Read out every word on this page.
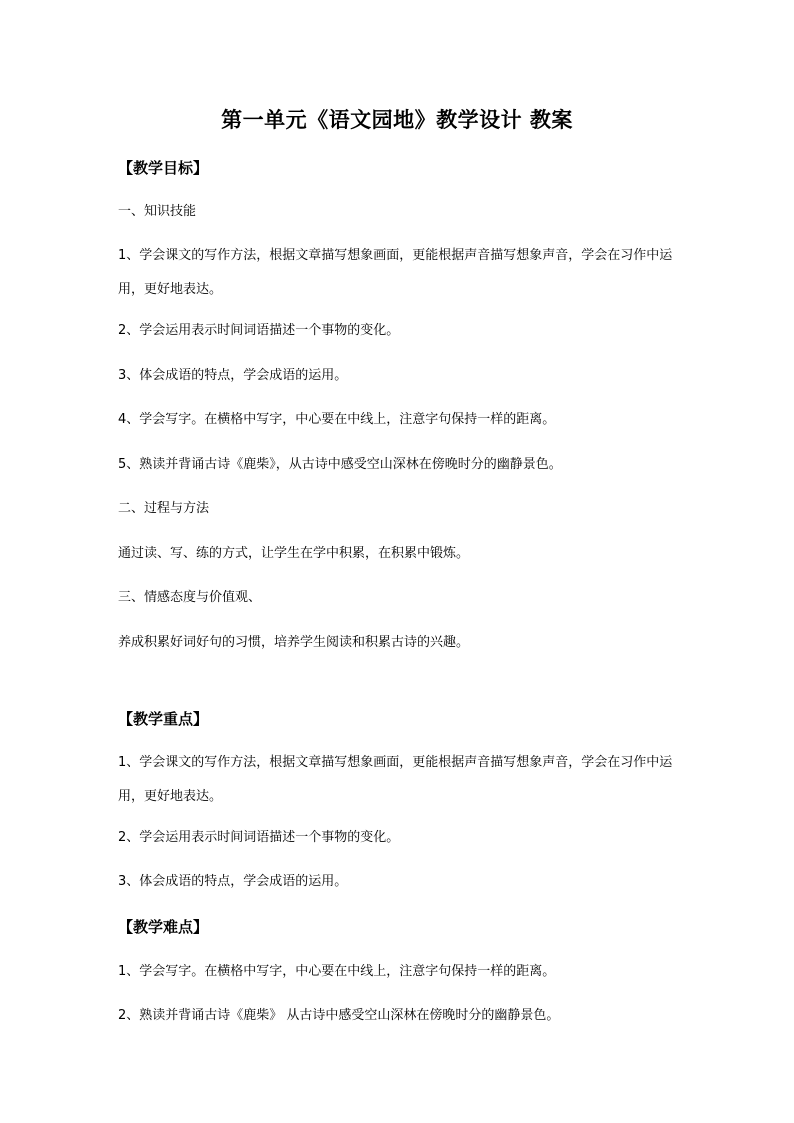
第一单元《语文园地》教学设计 教案
【教学目标】

一、知识技能

1、学会课文的写作方法，根据文章描写想象画面，更能根据声音描写想象声音，学会在习作中运用，更好地表达。

2、学会运用表示时间词语描述一个事物的变化。

3、体会成语的特点，学会成语的运用。

4、学会写字。在横格中写字，中心要在中线上，注意字句保持一样的距离。

5、熟读并背诵古诗《鹿柴》，从古诗中感受空山深林在傍晚时分的幽静景色。

二、过程与方法

通过读、写、练的方式，让学生在学中积累，在积累中锻炼。

三、情感态度与价值观、

养成积累好词好句的习惯，培养学生阅读和积累古诗的兴趣。

【教学重点】

1、学会课文的写作方法，根据文章描写想象画面，更能根据声音描写想象声音，学会在习作中运用，更好地表达。

2、学会运用表示时间词语描述一个事物的变化。

3、体会成语的特点，学会成语的运用。

【教学难点】

1、学会写字。在横格中写字，中心要在中线上，注意字句保持一样的距离。

2、熟读并背诵古诗《鹿柴》 从古诗中感受空山深林在傍晚时分的幽静景色。
